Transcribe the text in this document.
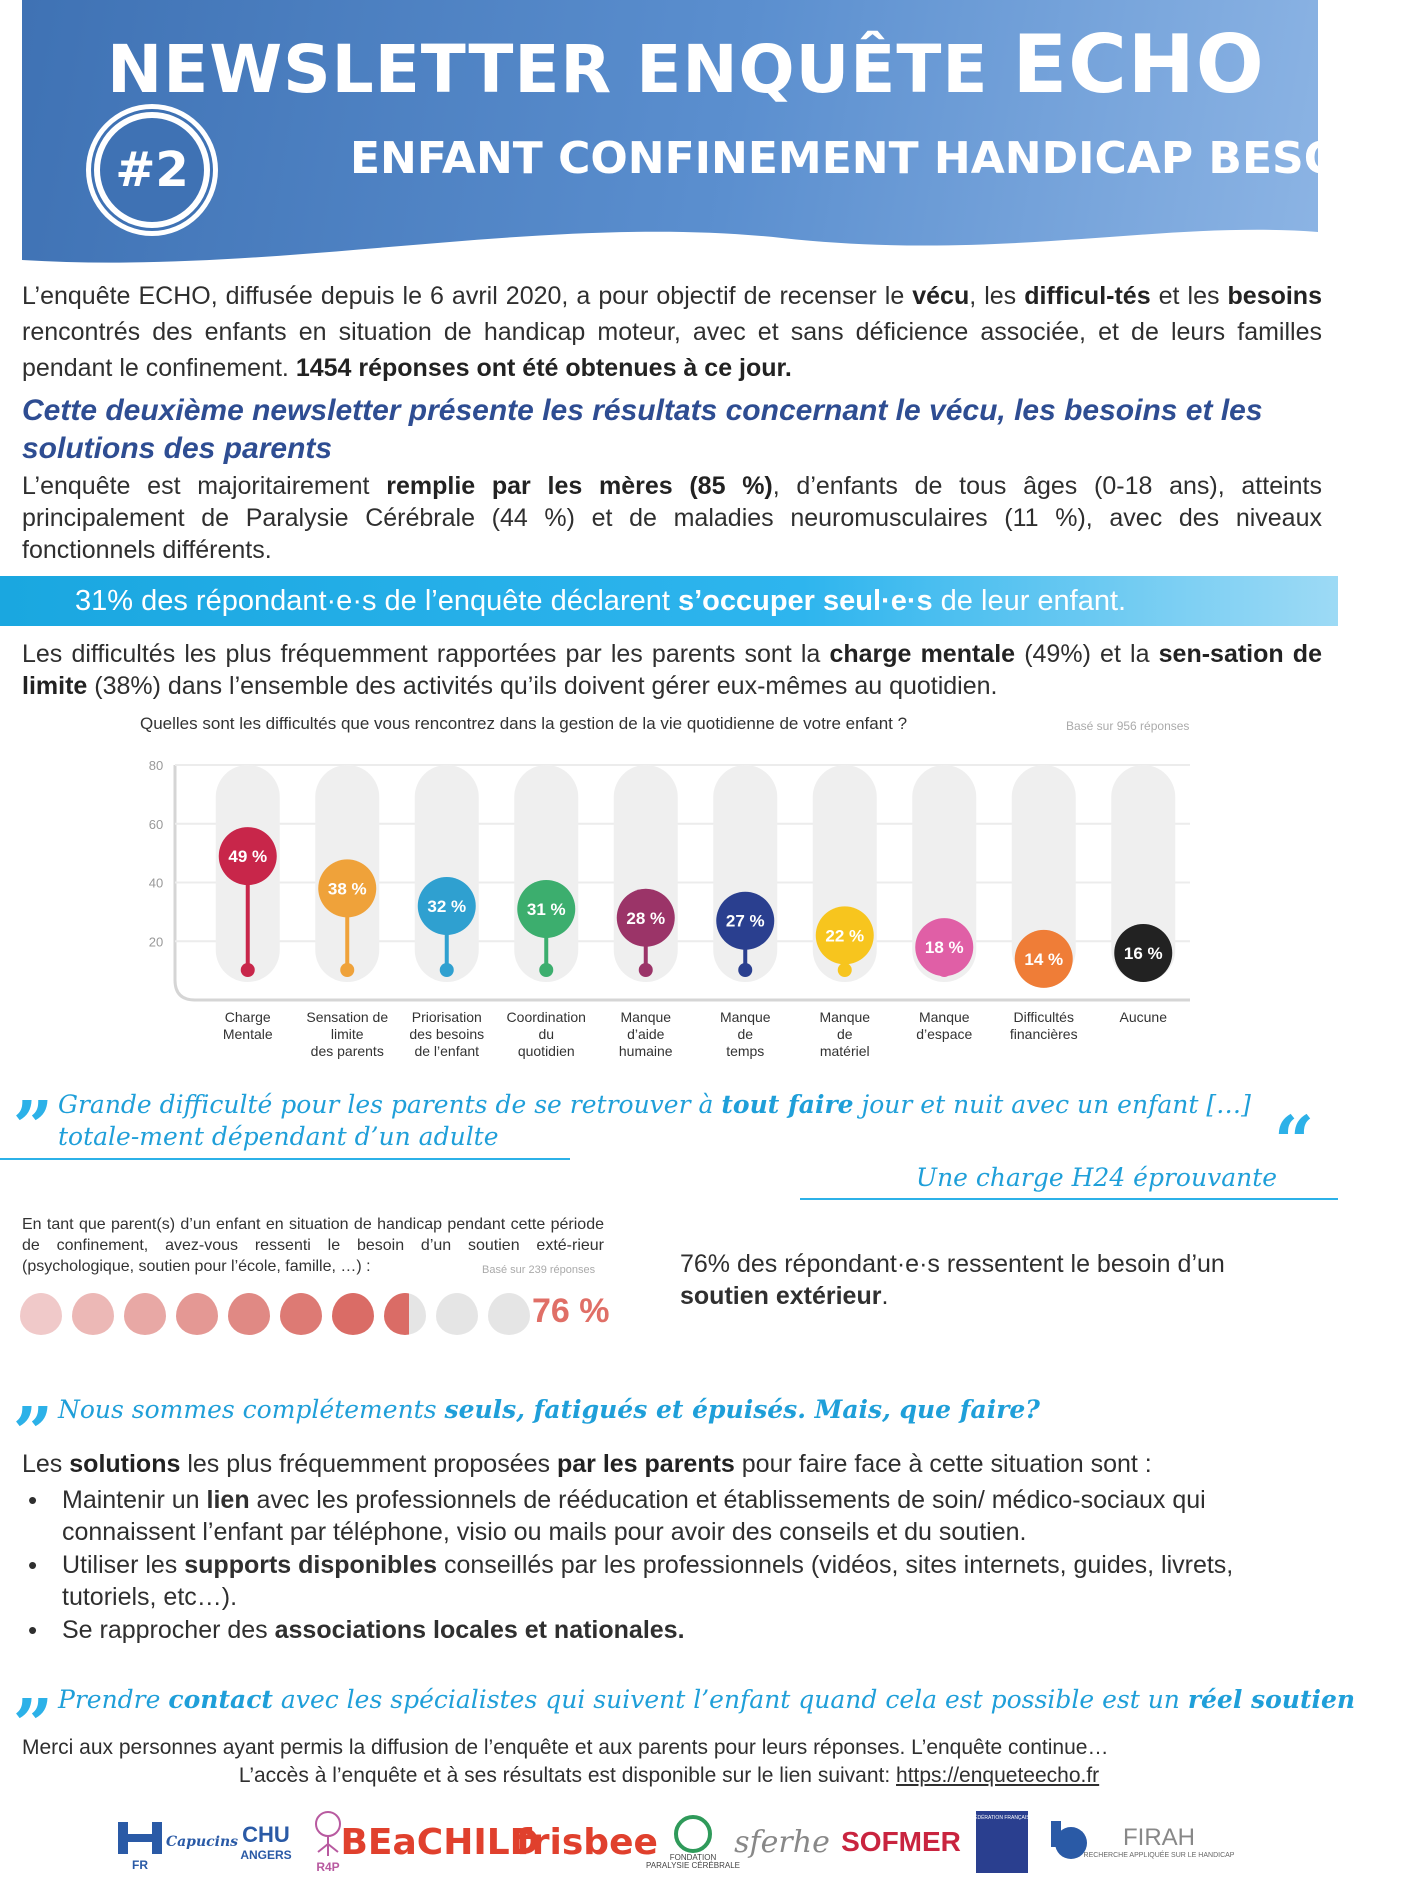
NEWSLETTER ENQUÊTE ECHO
#2	ENFANT CONFINEMENT HANDICAP BESOINS
L’enquête ECHO, diffusée depuis le 6 avril 2020, a pour objectif de recenser le vécu, les difficul-tés et les besoins rencontrés des enfants en situation de handicap moteur, avec et sans déficience associée, et de leurs familles pendant le confinement. 1454 réponses ont été obtenues à ce jour.
Cette deuxième newsletter présente les résultats concernant le vécu, les besoins et les solutions des parents
L’enquête est majoritairement remplie par les mères (85 %), d’enfants de tous âges (0-18 ans), atteints principalement de Paralysie Cérébrale (44 %) et de maladies neuromusculaires (11 %), avec des niveaux fonctionnels différents.
31% des répondant·e·s de l’enquête déclarent s’occuper seul·e·s de leur enfant.
Les difficultés les plus fréquemment rapportées par les parents sont la charge mentale (49%) et la sen-sation de limite (38%) dans l’ensemble des activités qu’ils doivent gérer eux-mêmes au quotidien.
Quelles sont les difficultés que vous rencontrez dans la gestion de la vie quotidienne de votre enfant ?	Basé sur 956 réponses
20
40
60
80
49 %
Charge
Mentale
38 %
Sensation de
limite
des parents
32 %
Priorisation
des besoins
de l’enfant
31 %
Coordination
du
quotidien
28 %
Manque
d’aide
humaine
27 %
Manque
de
temps
22 %
Manque
de
matériel
18 %
Manque
d’espace
14 %
Difficultés
financières
16 %
Aucune
„ Grande difficulté pour les parents de se retrouver à tout faire jour et nuit avec un enfant […] totale-ment dépendant d’un adulte
Une charge H24 éprouvante
„
En tant que parent(s) d’un enfant en situation de handicap pendant cette période de confinement, avez-vous ressenti le besoin d’un soutien exté-rieur (psychologique, soutien pour l’école, famille, …) :	Basé sur 239 réponses
76 %
76% des répondant·e·s ressentent le besoin d’un soutien extérieur.
„ Nous sommes complétements seuls, fatigués et épuisés. Mais, que faire?
Les solutions les plus fréquemment proposées par les parents pour faire face à cette situation sont :
• Maintenir un lien avec les professionnels de rééducation et établissements de soin/ médico-sociaux qui connaissent l’enfant par téléphone, visio ou mails pour avoir des conseils et du soutien.
• Utiliser les supports disponibles conseillés par les professionnels (vidéos, sites internets, guides, livrets, tutoriels, etc…).
• Se rapprocher des associations locales et nationales.
„ Prendre contact avec les spécialistes qui suivent l’enfant quand cela est possible est un réel soutien
Merci aux personnes ayant permis la diffusion de l’enquête et aux parents pour leurs réponses. L’enquête continue…
L’accès à l’enquête et à ses résultats est disponible sur le lien suivant: https://enqueteecho.fr
FR
Capucins CHU
ANGERS
R4P
BEaCHILD
frisbee FONDATION
PARALYSIE CÉRÉBRALE
sferhe SOFMER
FÉDÉRATION FRANÇAISE
FIRAH
RECHERCHE APPLIQUÉE SUR LE HANDICAP
